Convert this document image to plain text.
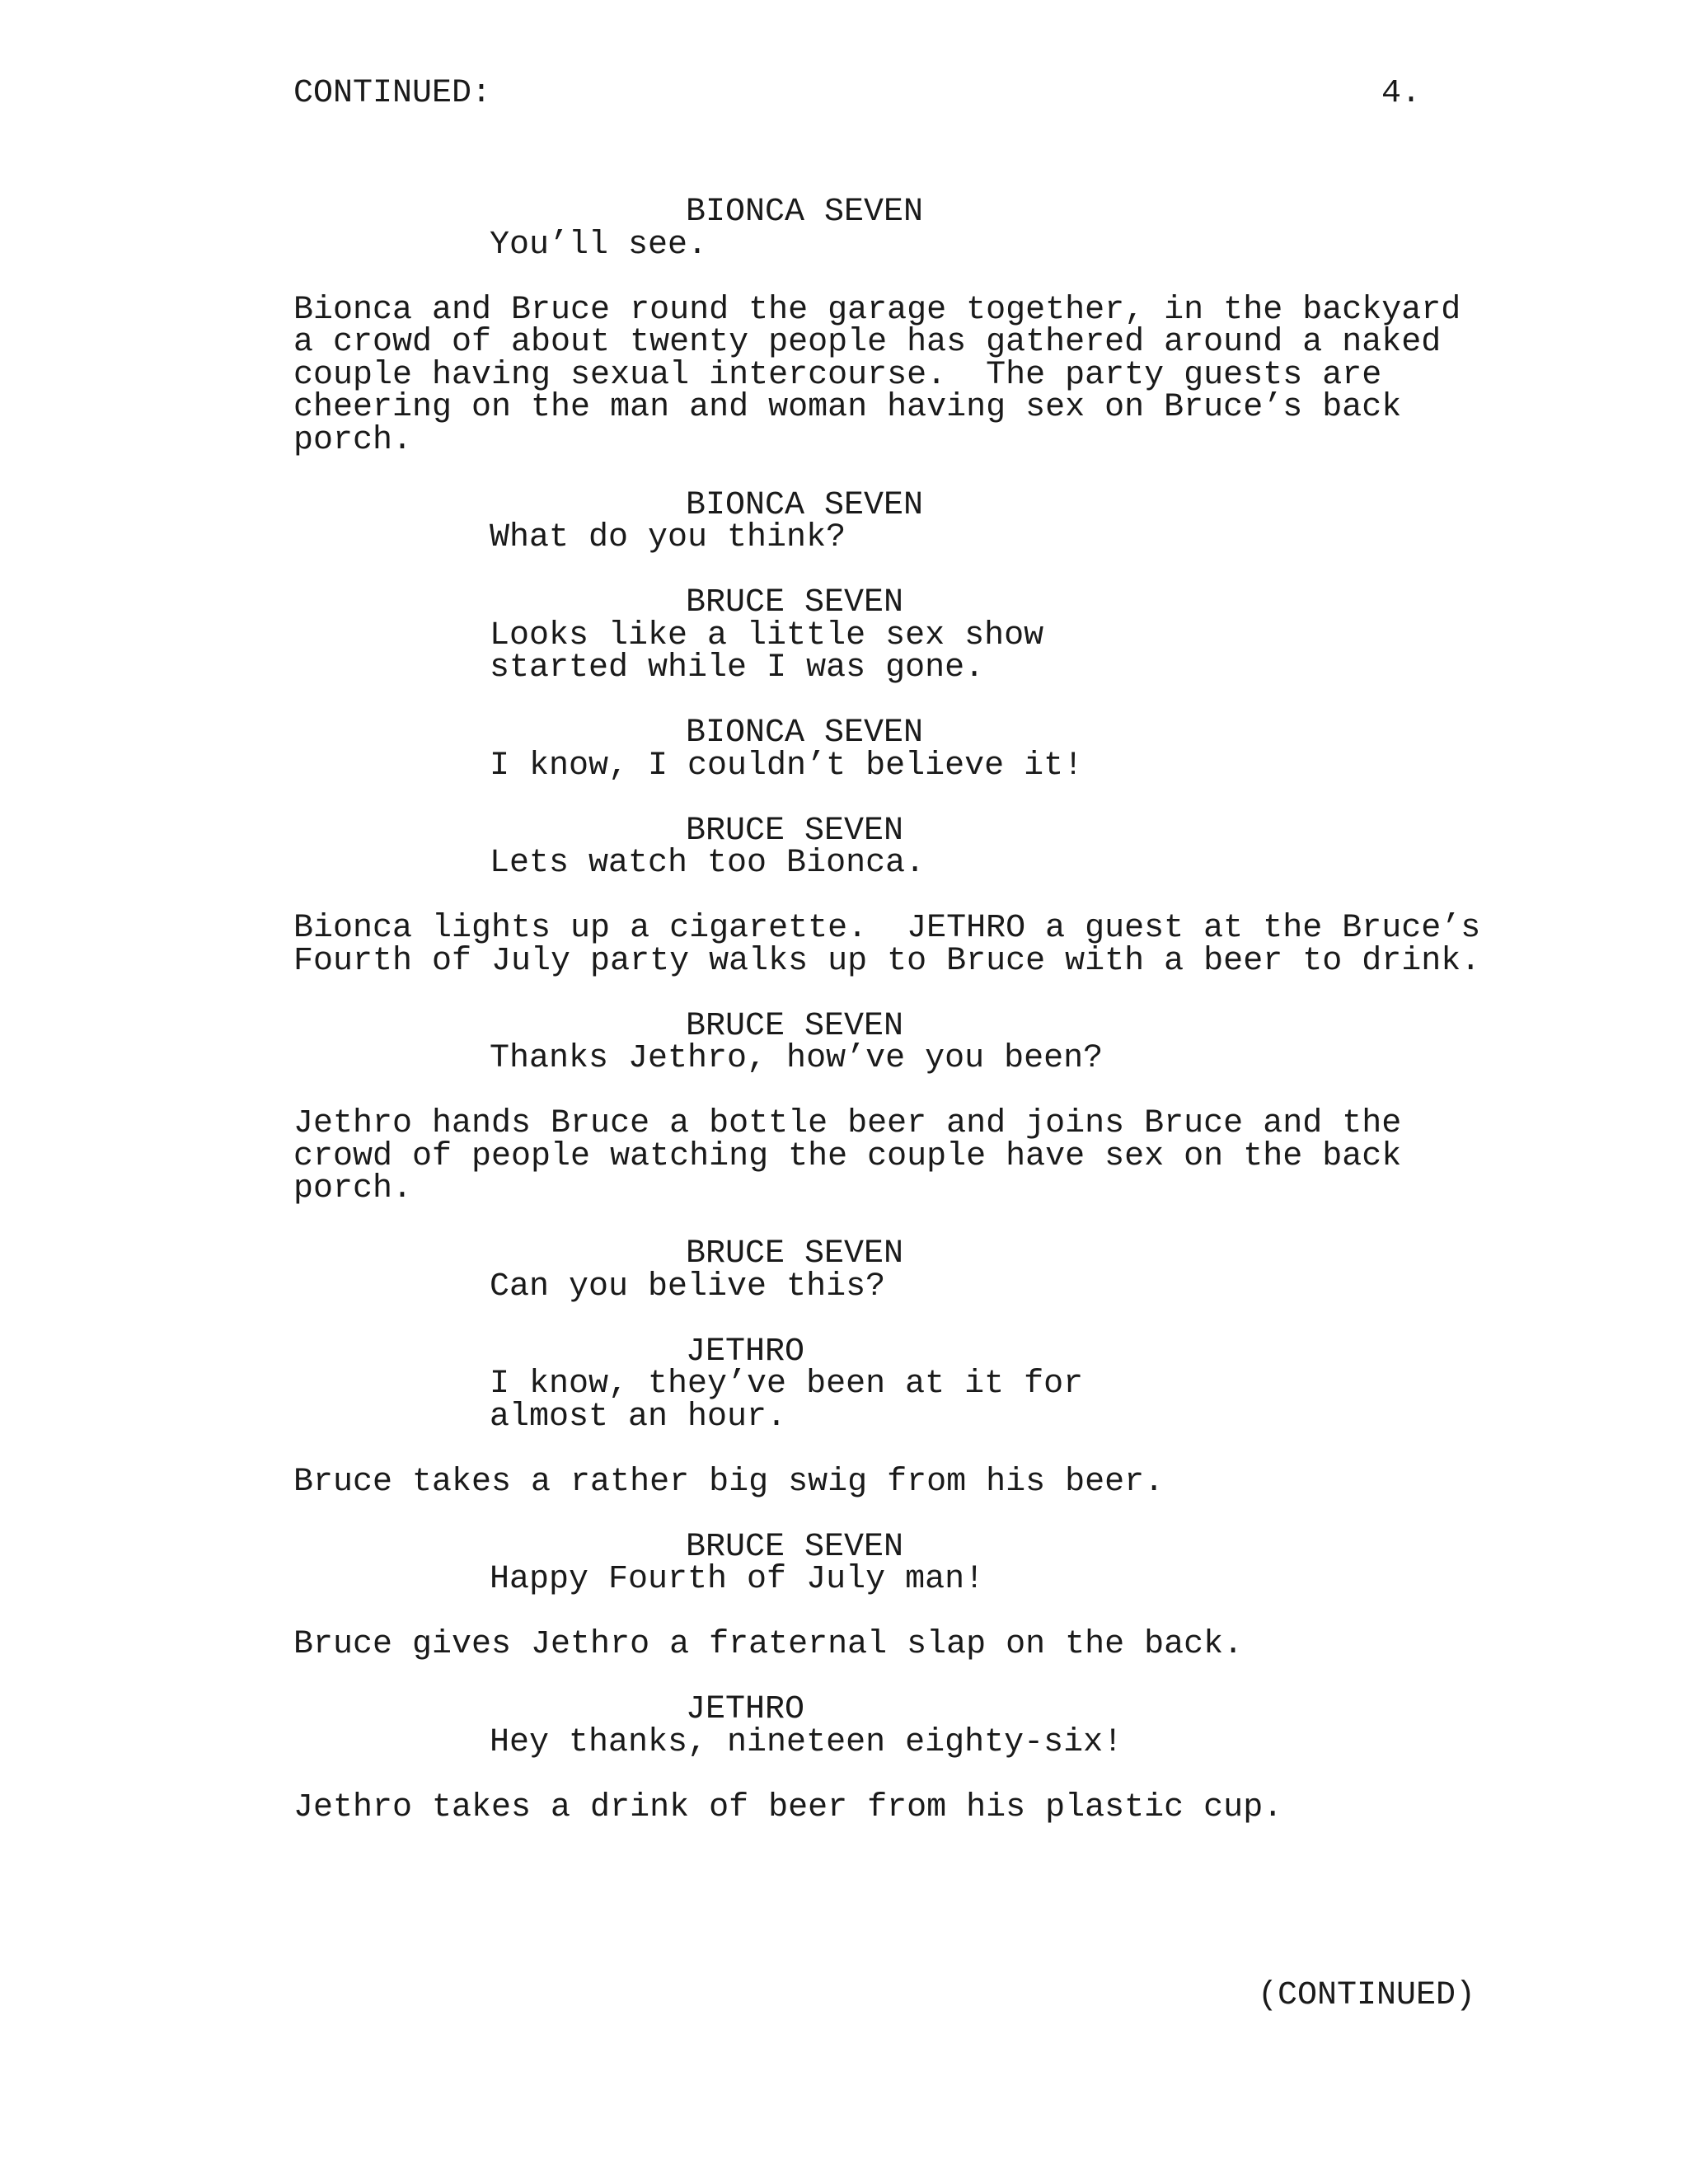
CONTINUED:	4.
BIONCA SEVEN
You’ll see.
Bionca and Bruce round the garage together, in the backyard
a crowd of about twenty people has gathered around a naked
couple having sexual intercourse.  The party guests are
cheering on the man and woman having sex on Bruce’s back
porch.
BIONCA SEVEN
What do you think?
BRUCE SEVEN
Looks like a little sex show
started while I was gone.
BIONCA SEVEN
I know, I couldn’t believe it!
BRUCE SEVEN
Lets watch too Bionca.
Bionca lights up a cigarette.  JETHRO a guest at the Bruce’s
Fourth of July party walks up to Bruce with a beer to drink.
BRUCE SEVEN
Thanks Jethro, how’ve you been?
Jethro hands Bruce a bottle beer and joins Bruce and the
crowd of people watching the couple have sex on the back
porch.
BRUCE SEVEN
Can you belive this?
JETHRO
I know, they’ve been at it for
almost an hour.
Bruce takes a rather big swig from his beer.
BRUCE SEVEN
Happy Fourth of July man!
Bruce gives Jethro a fraternal slap on the back.
JETHRO
Hey thanks, nineteen eighty-six!
Jethro takes a drink of beer from his plastic cup.
(CONTINUED)
